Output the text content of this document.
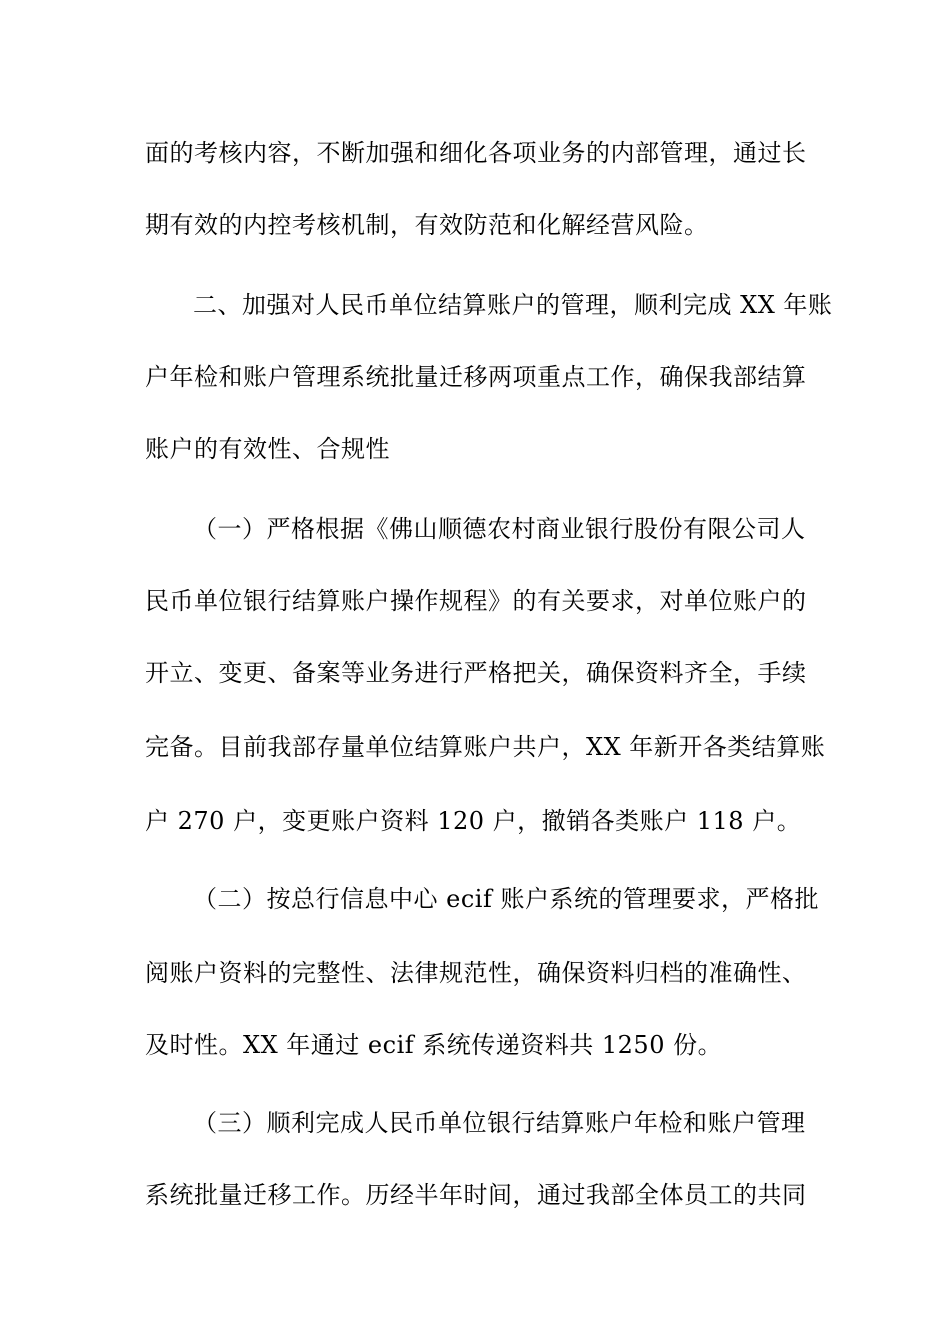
面的考核内容，不断加强和细化各项业务的内部管理，通过长
期有效的内控考核机制，有效防范和化解经营风险。
二、加强对人民币单位结算账户的管理，顺利完成 XX 年账
户年检和账户管理系统批量迁移两项重点工作，确保我部结算
账户的有效性、合规性
（一）严格根据《佛山顺德农村商业银行股份有限公司人
民币单位银行结算账户操作规程》的有关要求，对单位账户的
开立、变更、备案等业务进行严格把关，确保资料齐全，手续
完备。目前我部存量单位结算账户共户，XX 年新开各类结算账
户 270 户，变更账户资料 120 户，撤销各类账户 118 户。
（二）按总行信息中心 ecif 账户系统的管理要求，严格批
阅账户资料的完整性、法律规范性，确保资料归档的准确性、
及时性。XX 年通过 ecif 系统传递资料共 1250 份。
（三）顺利完成人民币单位银行结算账户年检和账户管理
系统批量迁移工作。历经半年时间，通过我部全体员工的共同
